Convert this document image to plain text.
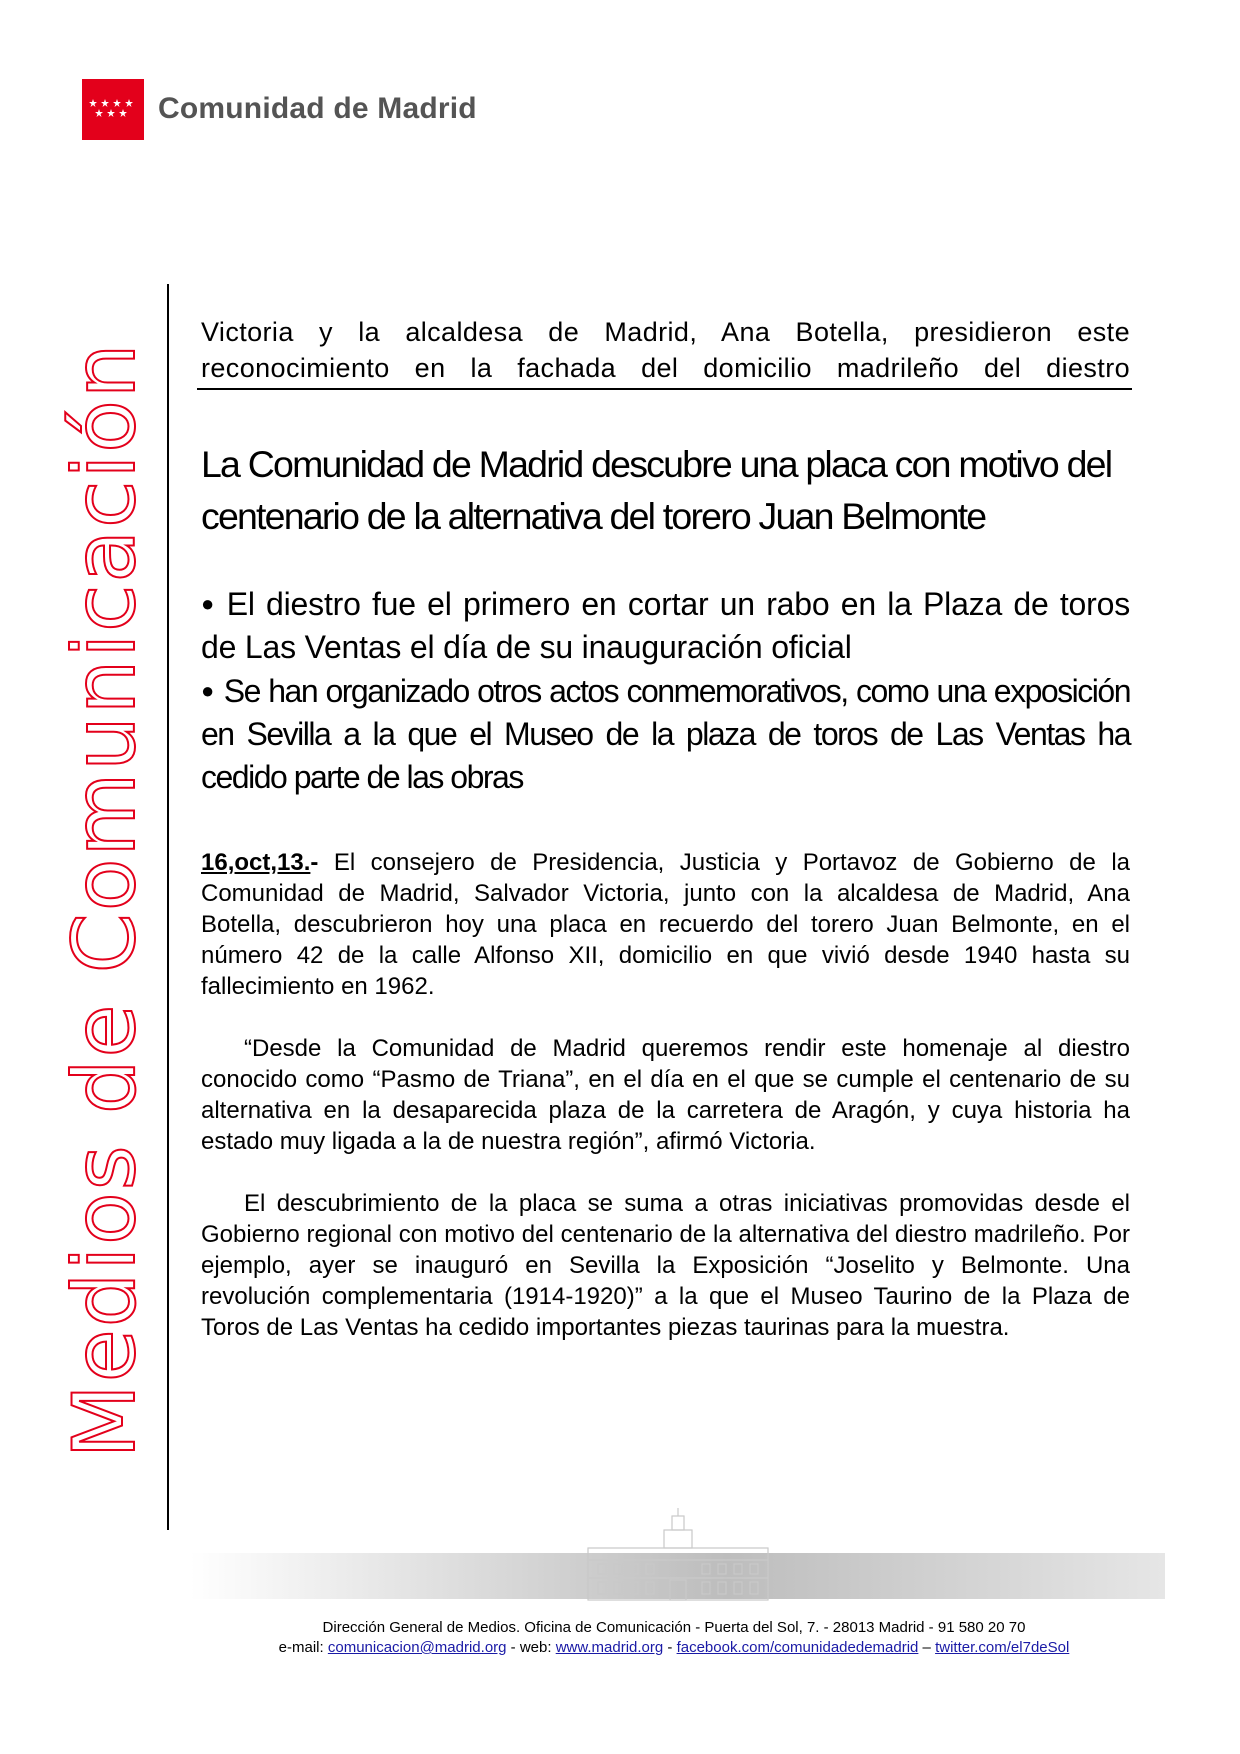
Comunidad de Madrid
Medios de Comunicación
Victoria y la alcaldesa de Madrid, Ana Botella, presidieron este reconocimiento en la fachada del domicilio madrileño del diestro
La Comunidad de Madrid descubre una placa con motivo del centenario de la alternativa del torero Juan Belmonte

● El diestro fue el primero en cortar un rabo en la Plaza de toros de Las Ventas el día de su inauguración oficial

● Se han organizado otros actos conmemorativos, como una exposición en Sevilla a la que el Museo de la plaza de toros de Las Ventas ha cedido parte de las obras

16,oct,13.- El consejero de Presidencia, Justicia y Portavoz de Gobierno de la Comunidad de Madrid, Salvador Victoria, junto con la alcaldesa de Madrid, Ana Botella, descubrieron hoy una placa en recuerdo del torero Juan Belmonte, en el número 42 de la calle Alfonso XII, domicilio en que vivió desde 1940 hasta su fallecimiento en 1962.

“Desde la Comunidad de Madrid queremos rendir este homenaje al diestro conocido como “Pasmo de Triana”, en el día en el que se cumple el centenario de su alternativa en la desaparecida plaza de la carretera de Aragón, y cuya historia ha estado muy ligada a la de nuestra región”, afirmó Victoria.

El descubrimiento de la placa se suma a otras iniciativas promovidas desde el Gobierno regional con motivo del centenario de la alternativa del diestro madrileño. Por ejemplo, ayer se inauguró en Sevilla la Exposición “Joselito y Belmonte. Una revolución complementaria (1914-1920)” a la que el Museo Taurino de la Plaza de Toros de Las Ventas ha cedido importantes piezas taurinas para la muestra.

Dirección General de Medios. Oficina de Comunicación - Puerta del Sol, 7. - 28013 Madrid - 91 580 20 70
e-mail: comunicacion@madrid.org - web: www.madrid.org - facebook.com/comunidadedemadrid – twitter.com/el7deSol
